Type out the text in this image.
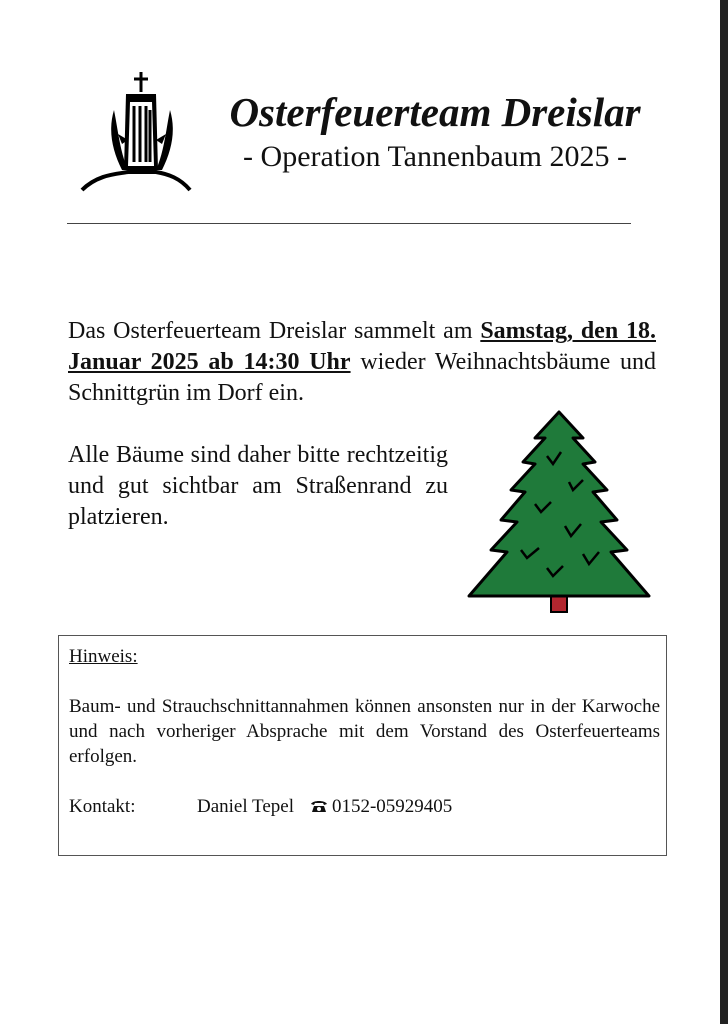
Osterfeuerteam Dreislar
- Operation Tannenbaum 2025 -
Das Osterfeuerteam Dreislar sammelt am Samstag, den 18. Januar 2025 ab 14:30 Uhr wieder Weihnachtsbäume und Schnittgrün im Dorf ein.
Alle Bäume sind daher bitte rechtzeitig und gut sichtbar am Straßenrand zu platzieren.
Hinweis:
Baum- und Strauchschnittannahmen können ansonsten nur in der Karwoche und nach vorheriger Absprache mit dem Vorstand des Osterfeuerteams erfolgen.
Kontakt:	Daniel Tepel 0152-05929405
